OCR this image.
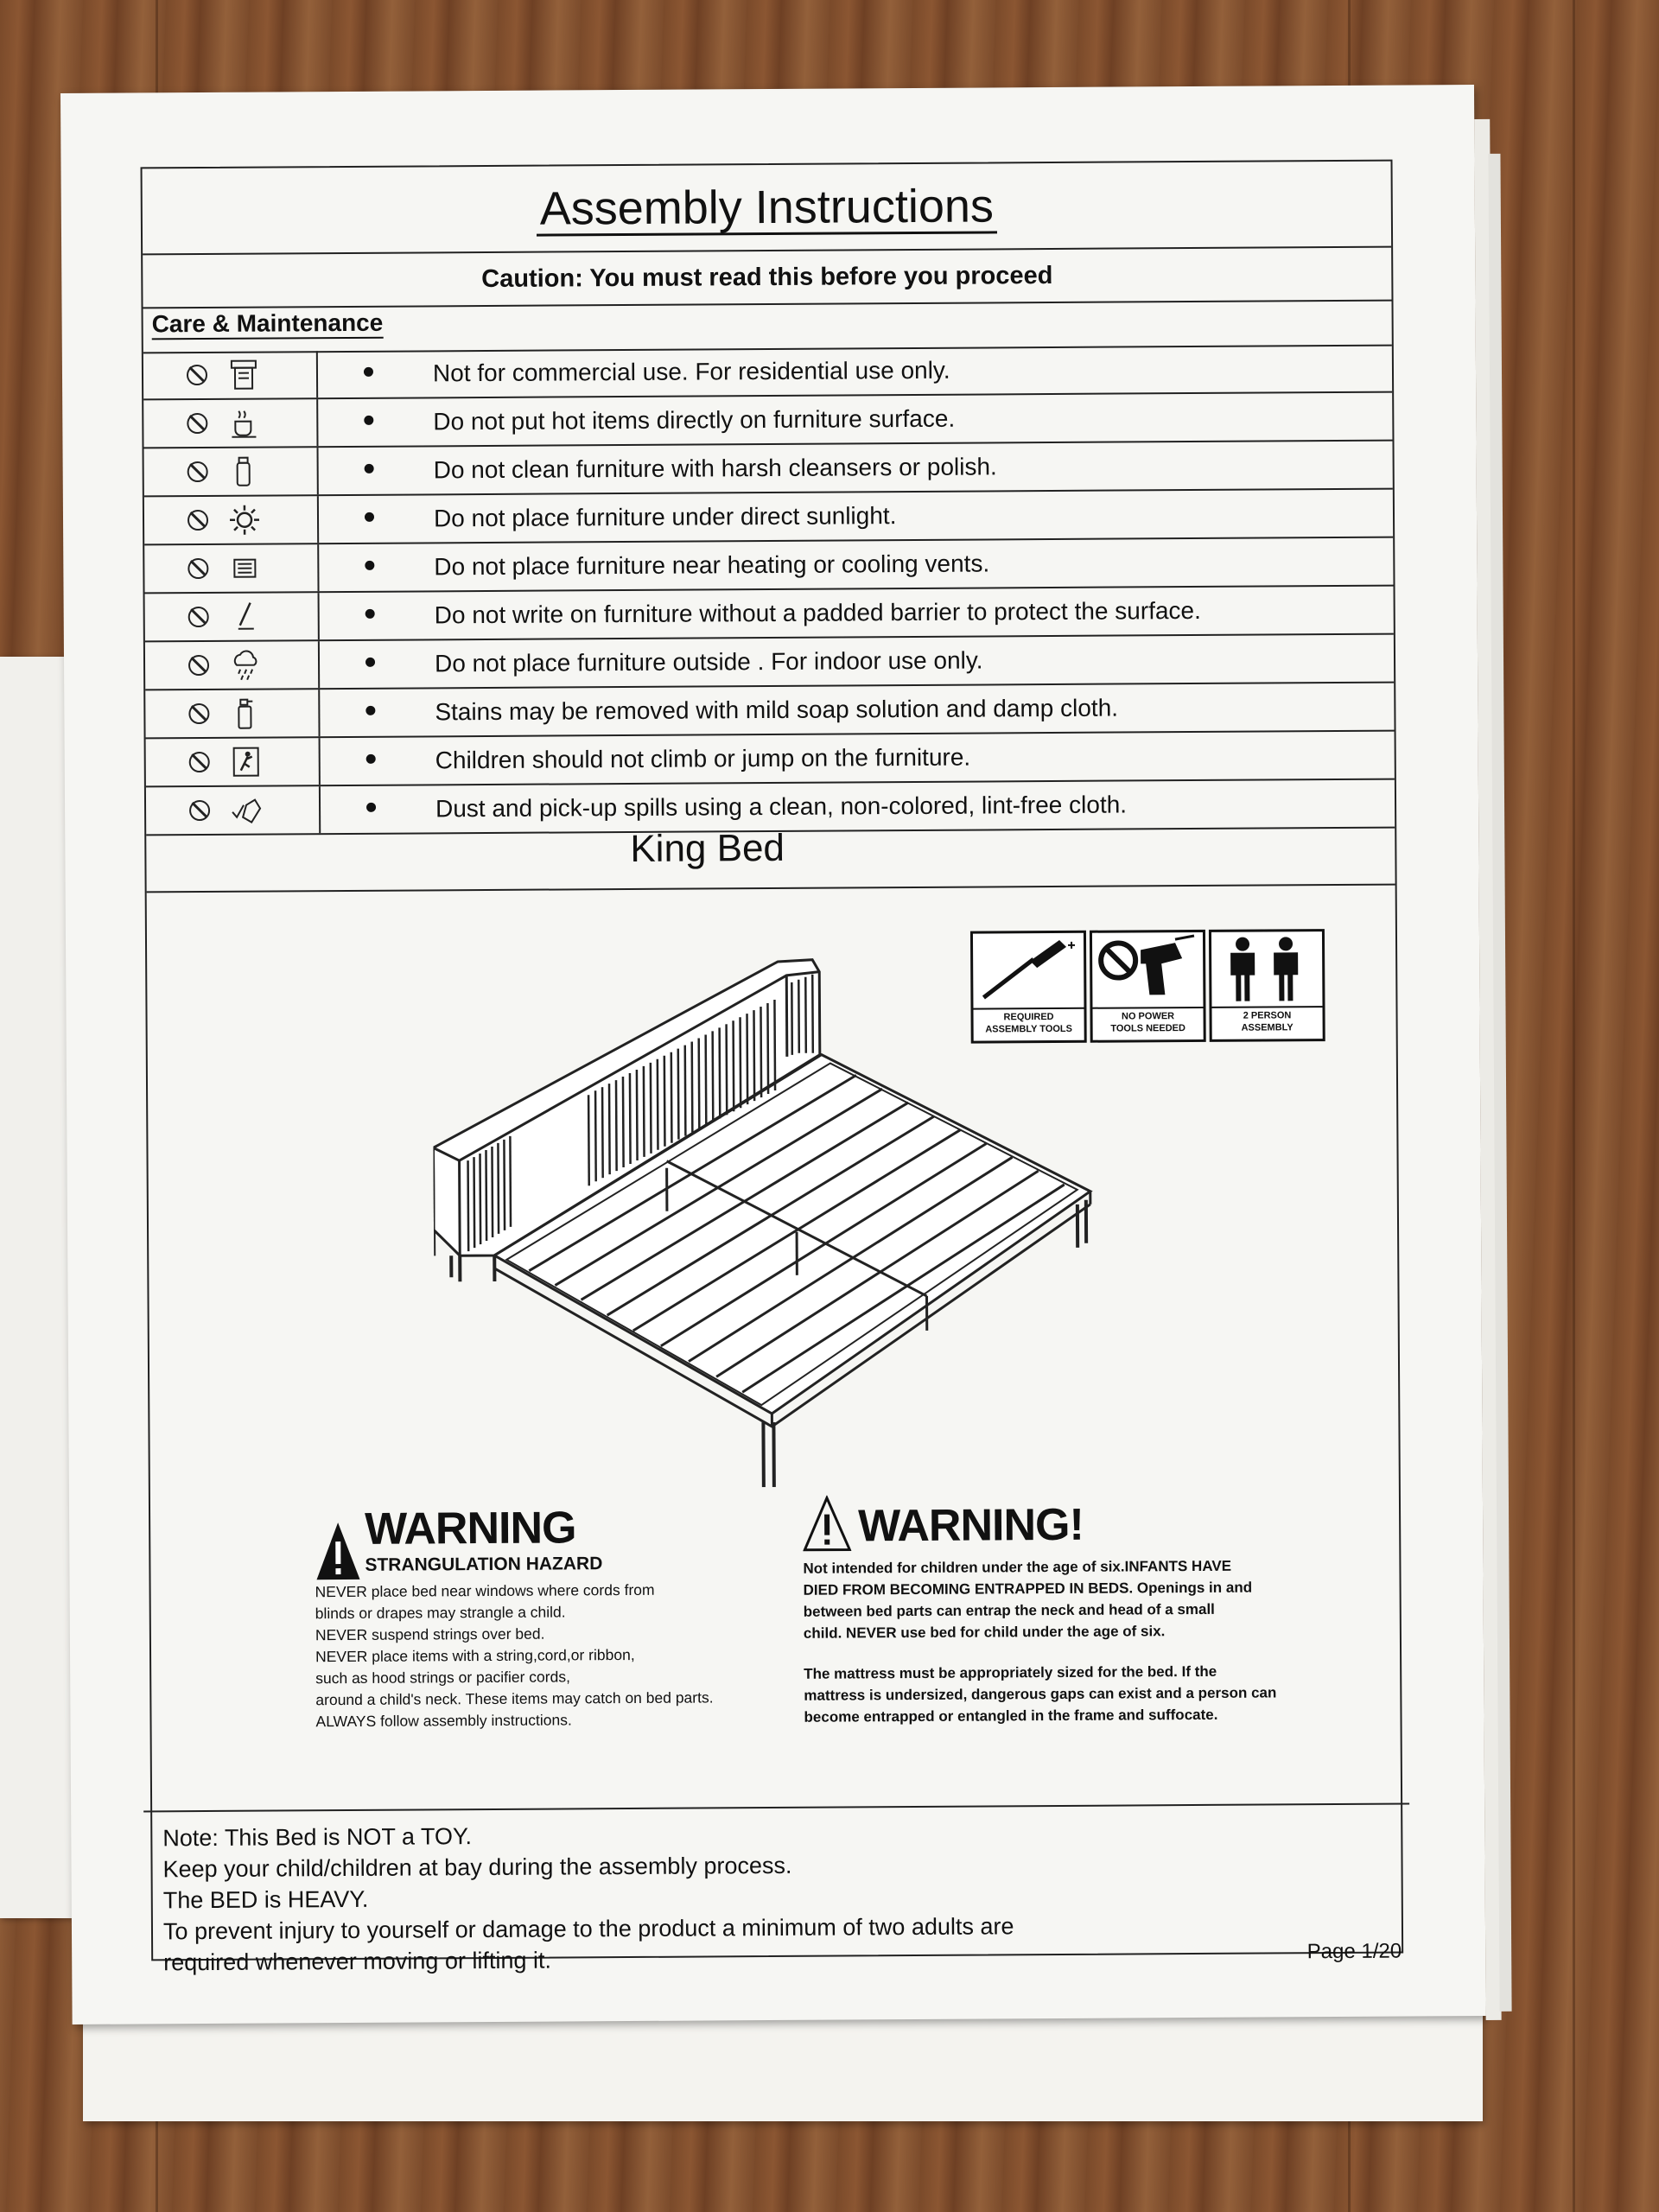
Assembly Instructions
Caution: You must read this before you proceed
Care & Maintenance
Not for commercial use. For residential use only.
Do not put hot items directly on furniture surface.
Do not clean furniture with harsh cleansers or polish.
Do not place furniture under direct sunlight.
Do not place furniture near heating or cooling vents.
Do not write on furniture without a padded barrier to protect the surface.
Do not place furniture outside . For indoor use only.
Stains may be removed with mild soap solution and damp cloth.
Children should not climb or jump on the furniture.
Dust and pick-up spills using a clean, non-colored, lint-free cloth.
King Bed
REQUIRED
ASSEMBLY TOOLS
NO POWER
TOOLS NEEDED
2 PERSON
ASSEMBLY
WARNING
STRANGULATION HAZARD
NEVER place bed near windows where cords from
blinds or drapes may strangle a child.
NEVER suspend strings over bed.
NEVER place items with a string,cord,or ribbon,
such as hood strings or pacifier cords,
around a child's neck. These items may catch on bed parts.
ALWAYS follow assembly instructions.
WARNING!
Not intended for children under the age of six.INFANTS HAVE
DIED FROM BECOMING ENTRAPPED IN BEDS. Openings in and
between bed parts can entrap the neck and head of a small
child. NEVER use bed for child under the age of six.
The mattress must be appropriately sized for the bed. If the
mattress is undersized, dangerous gaps can exist and a person can
become entrapped or entangled in the frame and suffocate.
Note: This Bed is NOT a TOY.
Keep your child/children at bay during the assembly process.
The BED is HEAVY.
To prevent injury to yourself or damage to the product a minimum of two adults are
required whenever moving or lifting it.	Page 1/20
